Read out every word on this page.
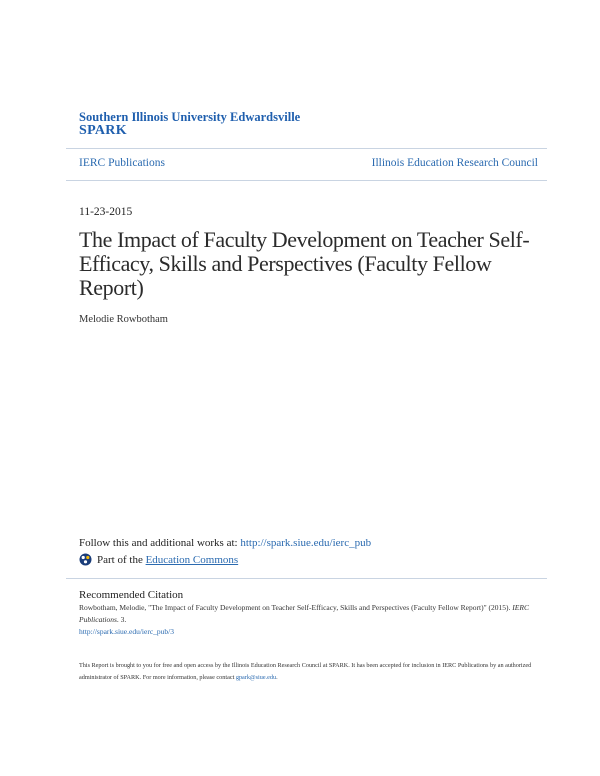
Southern Illinois University Edwardsville
SPARK
IERC Publications	Illinois Education Research Council
11-23-2015
The Impact of Faculty Development on Teacher Self-Efficacy, Skills and Perspectives (Faculty Fellow Report)
Melodie Rowbotham
Follow this and additional works at: http://spark.siue.edu/ierc_pub
Part of the
Education Commons
Recommended Citation
Rowbotham, Melodie, "The Impact of Faculty Development on Teacher Self-Efficacy, Skills and Perspectives (Faculty Fellow Report)" (2015). IERC Publications. 3.
http://spark.siue.edu/ierc_pub/3
This Report is brought to you for free and open access by the Illinois Education Research Council at SPARK. It has been accepted for inclusion in IERC Publications by an authorized administrator of SPARK. For more information, please contact gpark@siue.edu.
